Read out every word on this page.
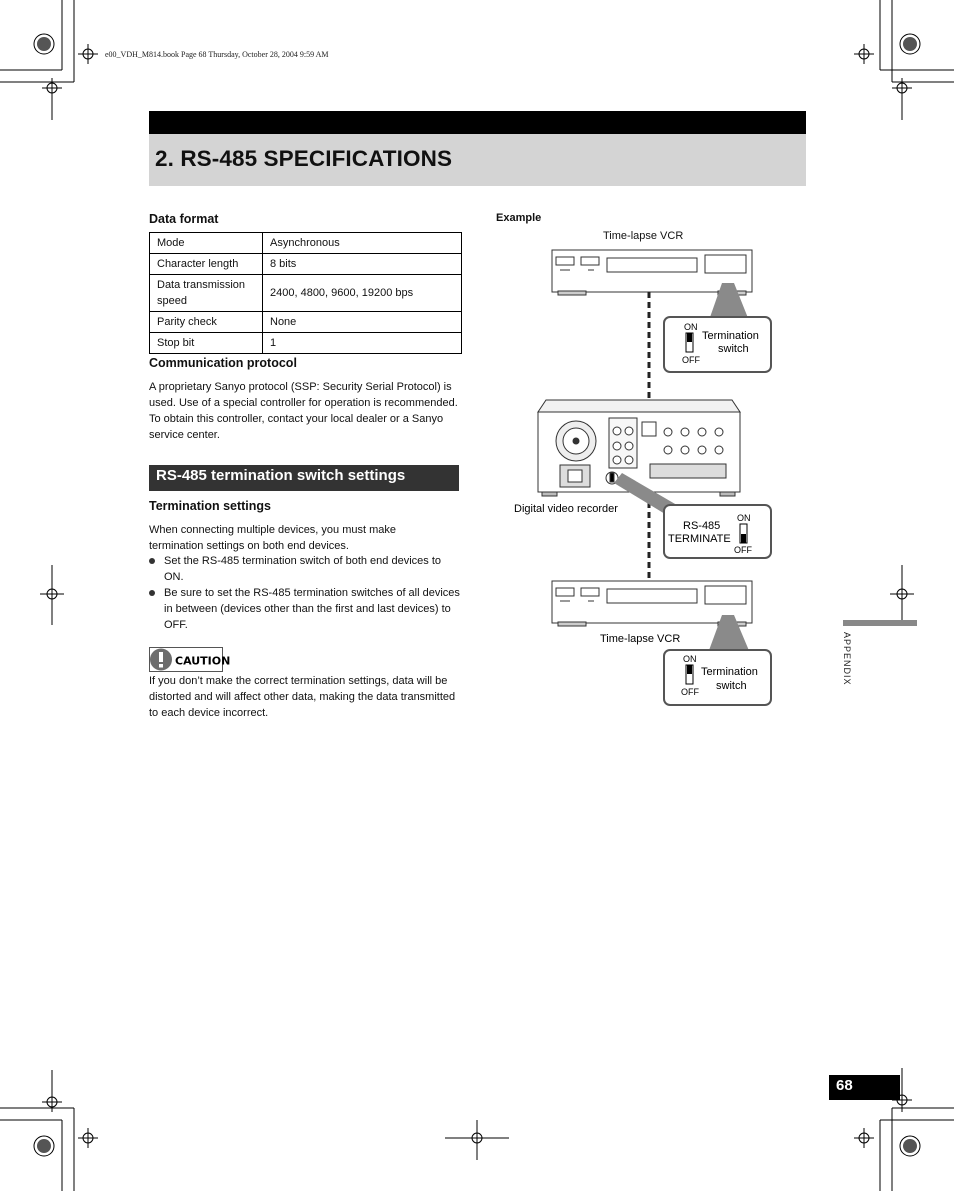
e00_VDH_M814.book Page 68 Thursday, October 28, 2004 9:59 AM
2. RS-485 SPECIFICATIONS
Data format
Mode	Asynchronous
Character length	8 bits
Data transmission speed	2400, 4800, 9600, 19200 bps
Parity check	None
Stop bit	1
Communication protocol
A proprietary Sanyo protocol (SSP: Security Serial Protocol) is used. Use of a special controller for operation is recommended. To obtain this controller, contact your local dealer or a Sanyo service center.
RS-485 termination switch settings
Termination settings
When connecting multiple devices, you must make termination settings on both end devices.
Set the RS-485 termination switch of both end devices to ON.
Be sure to set the RS-485 termination switches of all devices in between (devices other than the first and last devices) to OFF.
CAUTION
If you don’t make the correct termination settings, data will be distorted and will affect other data, making the data transmitted to each device incorrect.
Example
Time-lapse VCR
ON
OFF
Termination
switch
Digital video recorder
RS-485
TERMINATE
ON
OFF
Time-lapse VCR
ON
OFF
Termination
switch
APPENDIX
68
